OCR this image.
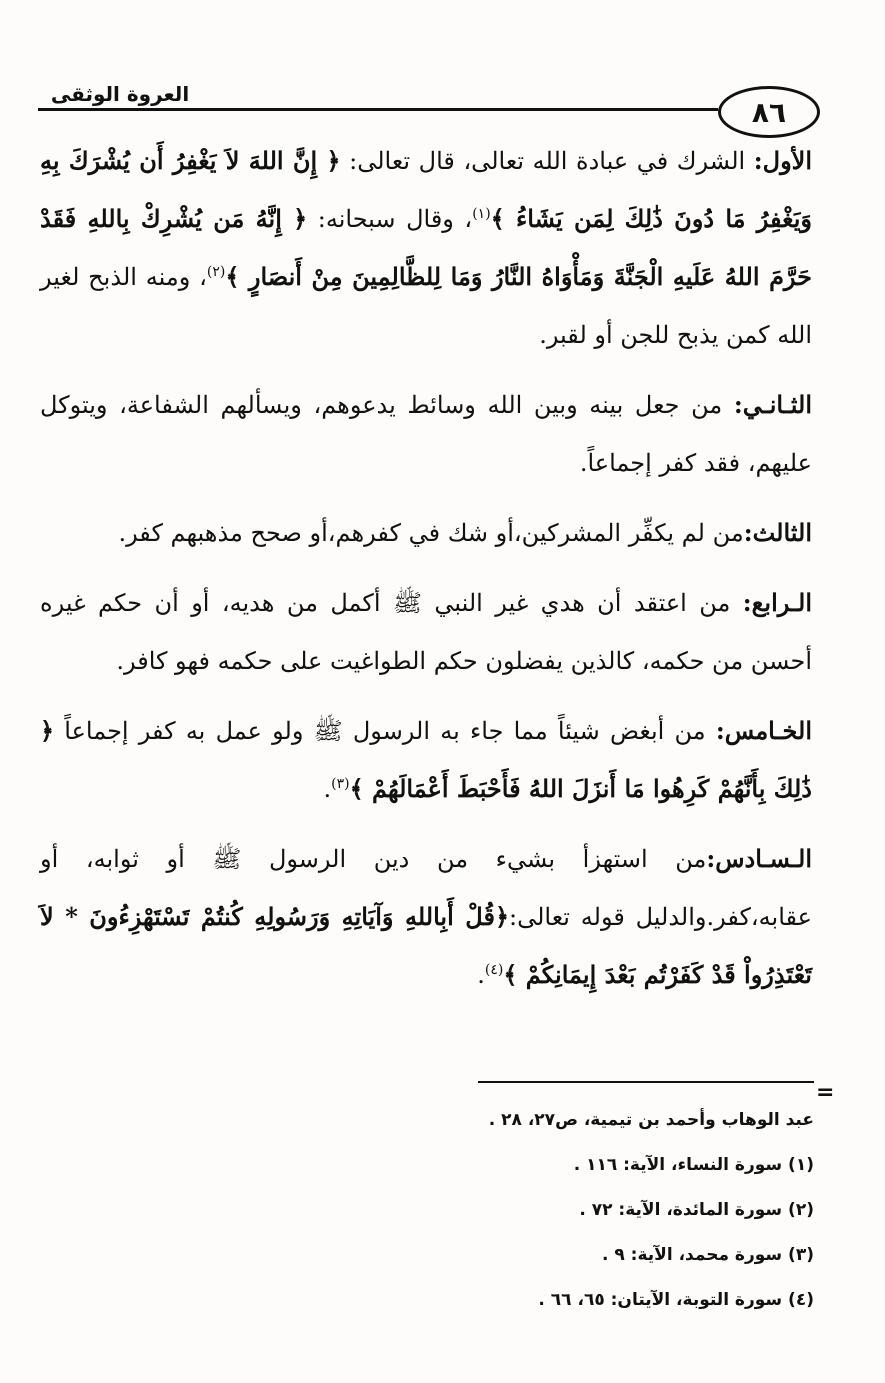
العروة الوثقى
٨٦

الأول: الشرك في عبادة الله تعالى، قال تعالى: ﴿ إِنَّ اللهَ لاَ يَغْفِرُ أَن يُشْرَكَ بِهِ وَيَغْفِرُ مَا دُونَ ذَٰلِكَ لِمَن يَشَاءُ ﴾$^{(١)}$، وقال سبحانه: ﴿ إِنَّهُ مَن يُشْرِكْ بِاللهِ فَقَدْ حَرَّمَ اللهُ عَلَيهِ الْجَنَّةَ وَمَأْوَاهُ النَّارُ وَمَا لِلظَّالِمِينَ مِنْ أَنصَارٍ ﴾$^{(٢)}$، ومنه الذبح لغير الله كمن يذبح للجن أو لقبر.

الثـانـي: من جعل بينه وبين الله وسائط يدعوهم، ويسألهم الشفاعة، ويتوكل عليهم، فقد كفر إجماعاً.

الثالث:من لم يكفِّر المشركين،أو شك في كفرهم،أو صحح مذهبهم كفر.

الـرابع: من اعتقد أن هدي غير النبي ﷺ أكمل من هديه، أو أن حكم غيره أحسن من حكمه، كالذين يفضلون حكم الطواغيت على حكمه فهو كافر.

الخـامس: من أبغض شيئاً مما جاء به الرسول ﷺ ولو عمل به كفر إجماعاً ﴿ ذَٰلِكَ بِأَنَّهُمْ كَرِهُوا مَا أَنزَلَ اللهُ فَأَحْبَطَ أَعْمَالَهُمْ ﴾$^{(٣)}$.

الـسـادس:من استهزأ بشيء من دين الرسول ﷺ أو ثوابه، أو عقابه،كفر.والدليل قوله تعالى:﴿قُلْ أَبِاللهِ وَآيَاتِهِ وَرَسُولِهِ كُنتُمْ تَسْتَهْزِءُونَ * لاَ تَعْتَذِرُواْ قَدْ كَفَرْتُم بَعْدَ إِيمَانِكُمْ ﴾$^{(٤)}$.

=
عبد الوهاب وأحمد بن تيمية، ص٢٧، ٢٨ .
(١) سورة النساء، الآية: ١١٦ .
(٢) سورة المائدة، الآية: ٧٢ .
(٣) سورة محمد، الآية: ٩ .
(٤) سورة التوبة، الآيتان: ٦٥، ٦٦ .
